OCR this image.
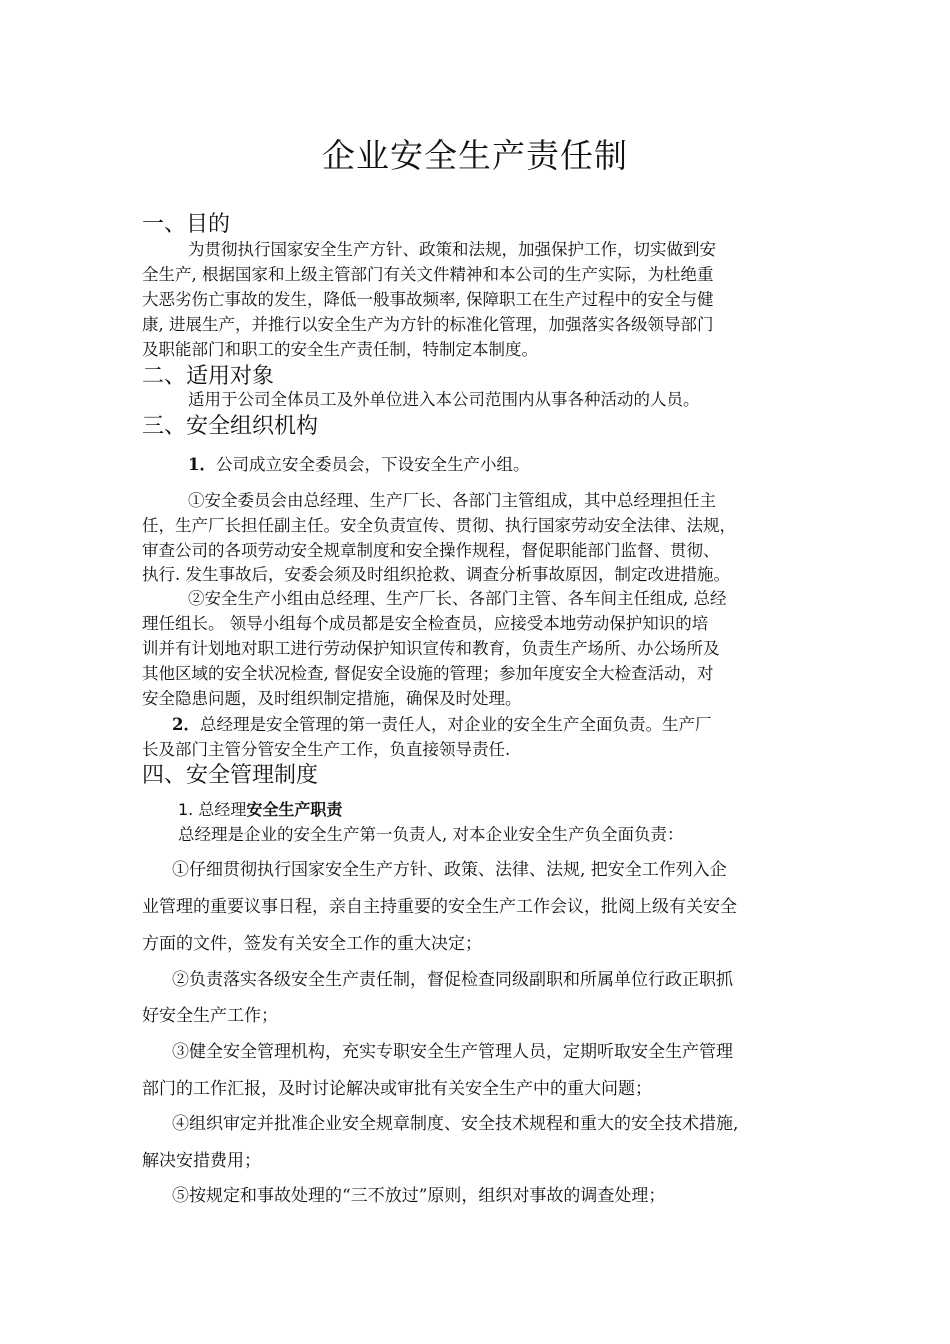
企业安全生产责任制
一、目的
为贯彻执行国家安全生产方针、政策和法规，加强保护工作，切实做到安
全生产, 根据国家和上级主管部门有关文件精神和本公司的生产实际，为杜绝重
大恶劣伤亡事故的发生，降低一般事故频率, 保障职工在生产过程中的安全与健
康, 进展生产，并推行以安全生产为方针的标准化管理，加强落实各级领导部门
及职能部门和职工的安全生产责任制，特制定本制度。
二、适用对象
适用于公司全体员工及外单位进入本公司范围内从事各种活动的人员。
三、安全组织机构
1．公司成立安全委员会，下设安全生产小组。
①安全委员会由总经理、生产厂长、各部门主管组成，其中总经理担任主
任，生产厂长担任副主任。安全负责宣传、贯彻、执行国家劳动安全法律、法规，
审查公司的各项劳动安全规章制度和安全操作规程，督促职能部门监督、贯彻、
执行. 发生事故后，安委会须及时组织抢救、调查分析事故原因，制定改进措施。
②安全生产小组由总经理、生产厂长、各部门主管、各车间主任组成, 总经
理任组长。 领导小组每个成员都是安全检查员，应接受本地劳动保护知识的培
训并有计划地对职工进行劳动保护知识宣传和教育，负责生产场所、办公场所及
其他区域的安全状况检查, 督促安全设施的管理；参加年度安全大检查活动，对
安全隐患问题，及时组织制定措施，确保及时处理。
2．总经理是安全管理的第一责任人，对企业的安全生产全面负责。生产厂
长及部门主管分管安全生产工作，负直接领导责任.
四、安全管理制度
1. 总经理安全生产职责
总经理是企业的安全生产第一负责人, 对本企业安全生产负全面负责：
①仔细贯彻执行国家安全生产方针、政策、法律、法规, 把安全工作列入企
业管理的重要议事日程，亲自主持重要的安全生产工作会议，批阅上级有关安全
方面的文件，签发有关安全工作的重大决定；
②负责落实各级安全生产责任制，督促检查同级副职和所属单位行政正职抓
好安全生产工作；
③健全安全管理机构，充实专职安全生产管理人员，定期听取安全生产管理
部门的工作汇报，及时讨论解决或审批有关安全生产中的重大问题；
④组织审定并批准企业安全规章制度、安全技术规程和重大的安全技术措施,
解决安措费用；
⑤按规定和事故处理的“三不放过”原则，组织对事故的调查处理；
